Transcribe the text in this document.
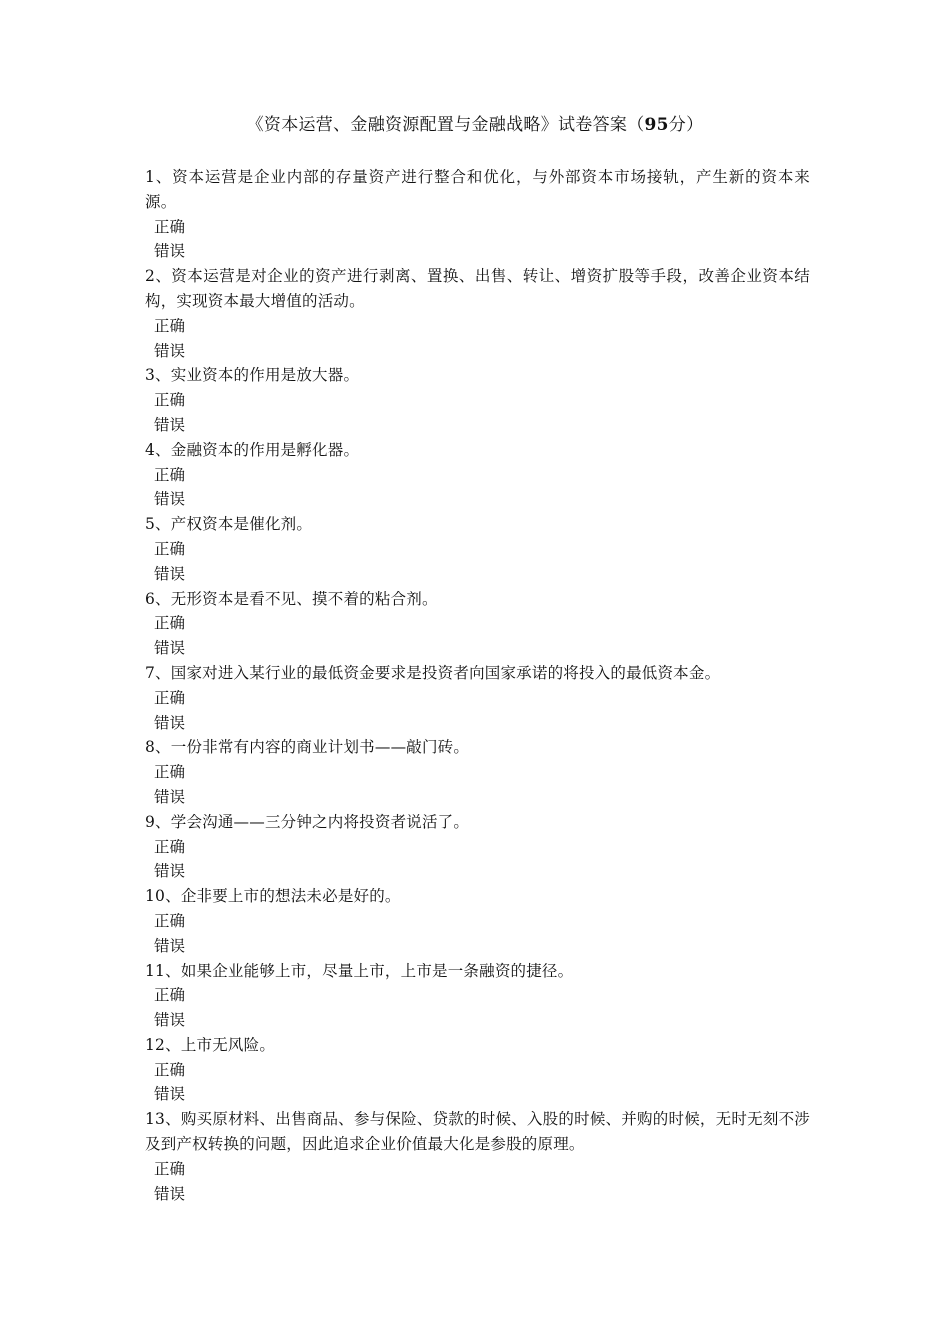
《资本运营、金融资源配置与金融战略》试卷答案（95分）

1、资本运营是企业内部的存量资产进行整合和优化，与外部资本市场接轨，产生新的资本来源。

正确

错误

2、资本运营是对企业的资产进行剥离、置换、出售、转让、增资扩股等手段，改善企业资本结构，实现资本最大增值的活动。

正确

错误

3、实业资本的作用是放大器。

正确

错误

4、金融资本的作用是孵化器。

正确

错误

5、产权资本是催化剂。

正确

错误

6、无形资本是看不见、摸不着的粘合剂。

正确

错误

7、国家对进入某行业的最低资金要求是投资者向国家承诺的将投入的最低资本金。

正确

错误

8、一份非常有内容的商业计划书——敲门砖。

正确

错误

9、学会沟通——三分钟之内将投资者说活了。

正确

错误

10、企非要上市的想法未必是好的。

正确

错误

11、如果企业能够上市，尽量上市，上市是一条融资的捷径。

正确

错误

12、上市无风险。

正确

错误

13、购买原材料、出售商品、参与保险、贷款的时候、入股的时候、并购的时候，无时无刻不涉及到产权转换的问题，因此追求企业价值最大化是参股的原理。

正确

错误
